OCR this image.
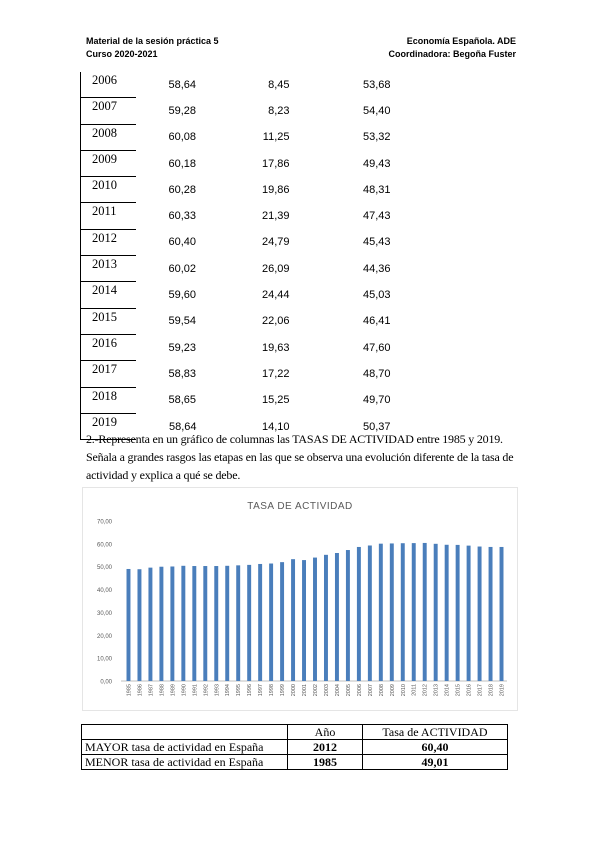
Material de la sesión práctica 5
Curso 2020-2021
Economía Española. ADE
Coordinadora: Begoña Fuster
2006	58,64	8,45	53,68
2007	59,28	8,23	54,40
2008	60,08	11,25	53,32
2009	60,18	17,86	49,43
2010	60,28	19,86	48,31
2011	60,33	21,39	47,43
2012	60,40	24,79	45,43
2013	60,02	26,09	44,36
2014	59,60	24,44	45,03
2015	59,54	22,06	46,41
2016	59,23	19,63	47,60
2017	58,83	17,22	48,70
2018	58,65	15,25	49,70
2019	58,64	14,10	50,37
2.-Representa en un gráfico de columnas las TASAS DE ACTIVIDAD entre 1985 y 2019. Señala a grandes rasgos las etapas en las que se observa una evolución diferente de la tasa de actividad y explica a qué se debe.
TASA DE ACTIVIDAD
0,00
10,00
20,00
30,00
40,00
50,00
60,00
70,00
1985 1986 1987 1988 1989 1990 1991 1992 1993 1994 1995 1996 1997 1998 1999 2000 2001 2002 2003 2004 2005 2006 2007 2008 2009 2010 2011 2012 2013 2014 2015 2016 2017 2018 2019
	Año	Tasa de ACTIVIDAD
MAYOR tasa de actividad en España	2012	60,40
MENOR tasa de actividad en España	1985	49,01
